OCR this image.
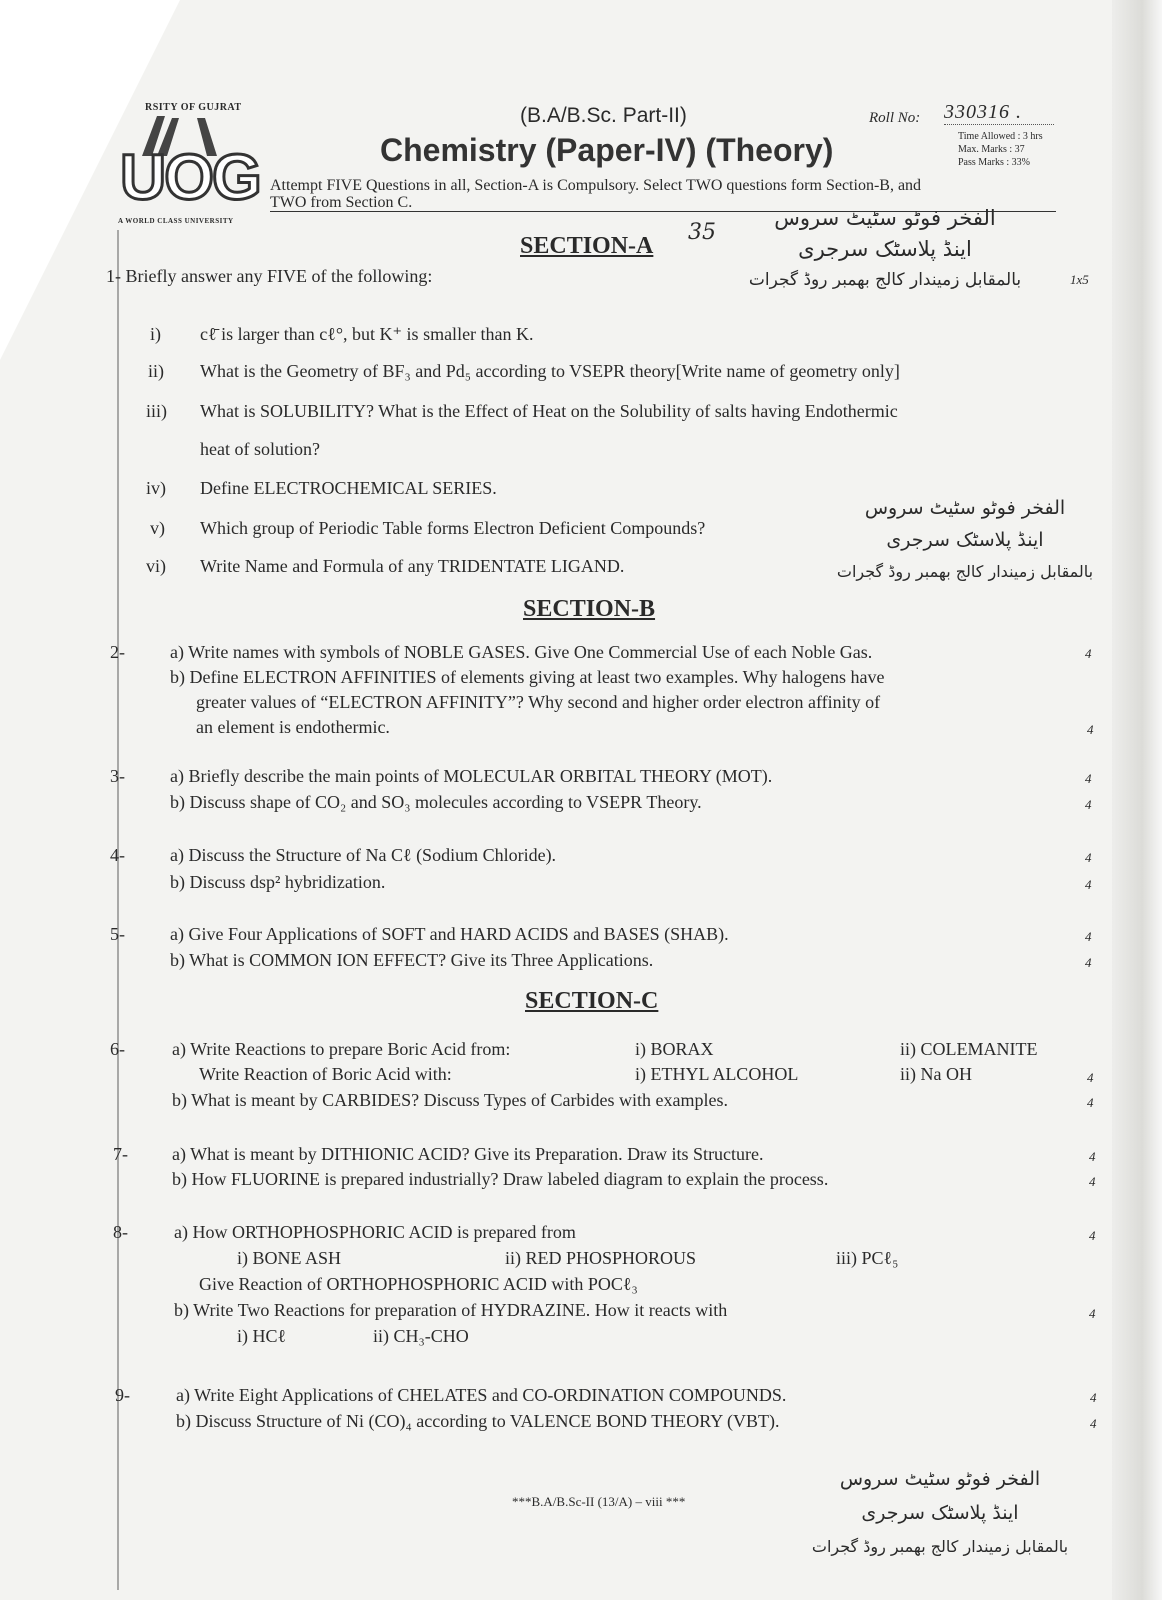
RSITY OF GUJRAT
UOG
A WORLD CLASS UNIVERSITY
(B.A/B.Sc. Part-II)
Chemistry (Paper-IV) (Theory)
Roll No: 330316 .
Time Allowed : 3 hrs
Max. Marks : 37
Pass Marks : 33%
Attempt FIVE Questions in all, Section-A is Compulsory. Select TWO questions form Section-B, and
TWO from Section C.
الفخر فوٹو سٹیٹ سروس
اینڈ پلاسٹک سرجری
بالمقابل زمیندار کالج بھمبر روڈ گجرات
35
الفخر فوٹو سٹیٹ سروس
اینڈ پلاسٹک سرجری
بالمقابل زمیندار کالج بھمبر روڈ گجرات
الفخر فوٹو سٹیٹ سروس
اینڈ پلاسٹک سرجری
بالمقابل زمیندار کالج بھمبر روڈ گجرات
SECTION-A
1- Briefly answer any FIVE of the following:	1x5
i) cℓ̄ is larger than cℓ°, but K⁺ is smaller than K.
ii) What is the Geometry of BF₃ and Pd₅ according to VSEPR theory[Write name of geometry only]
iii) What is SOLUBILITY? What is the Effect of Heat on the Solubility of salts having Endothermic
heat of solution?
iv) Define ELECTROCHEMICAL SERIES.
v) Which group of Periodic Table forms Electron Deficient Compounds?
vi) Write Name and Formula of any TRIDENTATE LIGAND.
SECTION-B
2-	a) Write names with symbols of NOBLE GASES. Give One Commercial Use of each Noble Gas.	4
b) Define ELECTRON AFFINITIES of elements giving at least two examples. Why halogens have
greater values of “ELECTRON AFFINITY”? Why second and higher order electron affinity of
an element is endothermic.	4
3-	a) Briefly describe the main points of MOLECULAR ORBITAL THEORY (MOT).	4
b) Discuss shape of CO₂ and SO₃ molecules according to VSEPR Theory.	4
4-	a) Discuss the Structure of Na Cℓ (Sodium Chloride).	4
b) Discuss dsp² hybridization.	4
5-	a) Give Four Applications of SOFT and HARD ACIDS and BASES (SHAB).	4
b) What is COMMON ION EFFECT? Give its Three Applications.	4
SECTION-C
6-	a) Write Reactions to prepare Boric Acid from:	i) BORAX	ii) COLEMANITE
Write Reaction of Boric Acid with:	i) ETHYL ALCOHOL	ii) Na OH	4
b) What is meant by CARBIDES? Discuss Types of Carbides with examples.	4
7- a) What is meant by DITHIONIC ACID? Give its Preparation. Draw its Structure.	4
b) How FLUORINE is prepared industrially? Draw labeled diagram to explain the process.	4
8-	a) How ORTHOPHOSPHORIC ACID is prepared from	4
i) BONE ASH	ii) RED PHOSPHOROUS	iii) PCℓ₅
Give Reaction of ORTHOPHOSPHORIC ACID with POCℓ₃
b) Write Two Reactions for preparation of HYDRAZINE. How it reacts with	4
i) HCℓ	ii) CH₃-CHO
9-	a) Write Eight Applications of CHELATES and CO-ORDINATION COMPOUNDS.	4
b) Discuss Structure of Ni (CO)₄ according to VALENCE BOND THEORY (VBT).	4
***B.A/B.Sc-II (13/A) – viii ***
